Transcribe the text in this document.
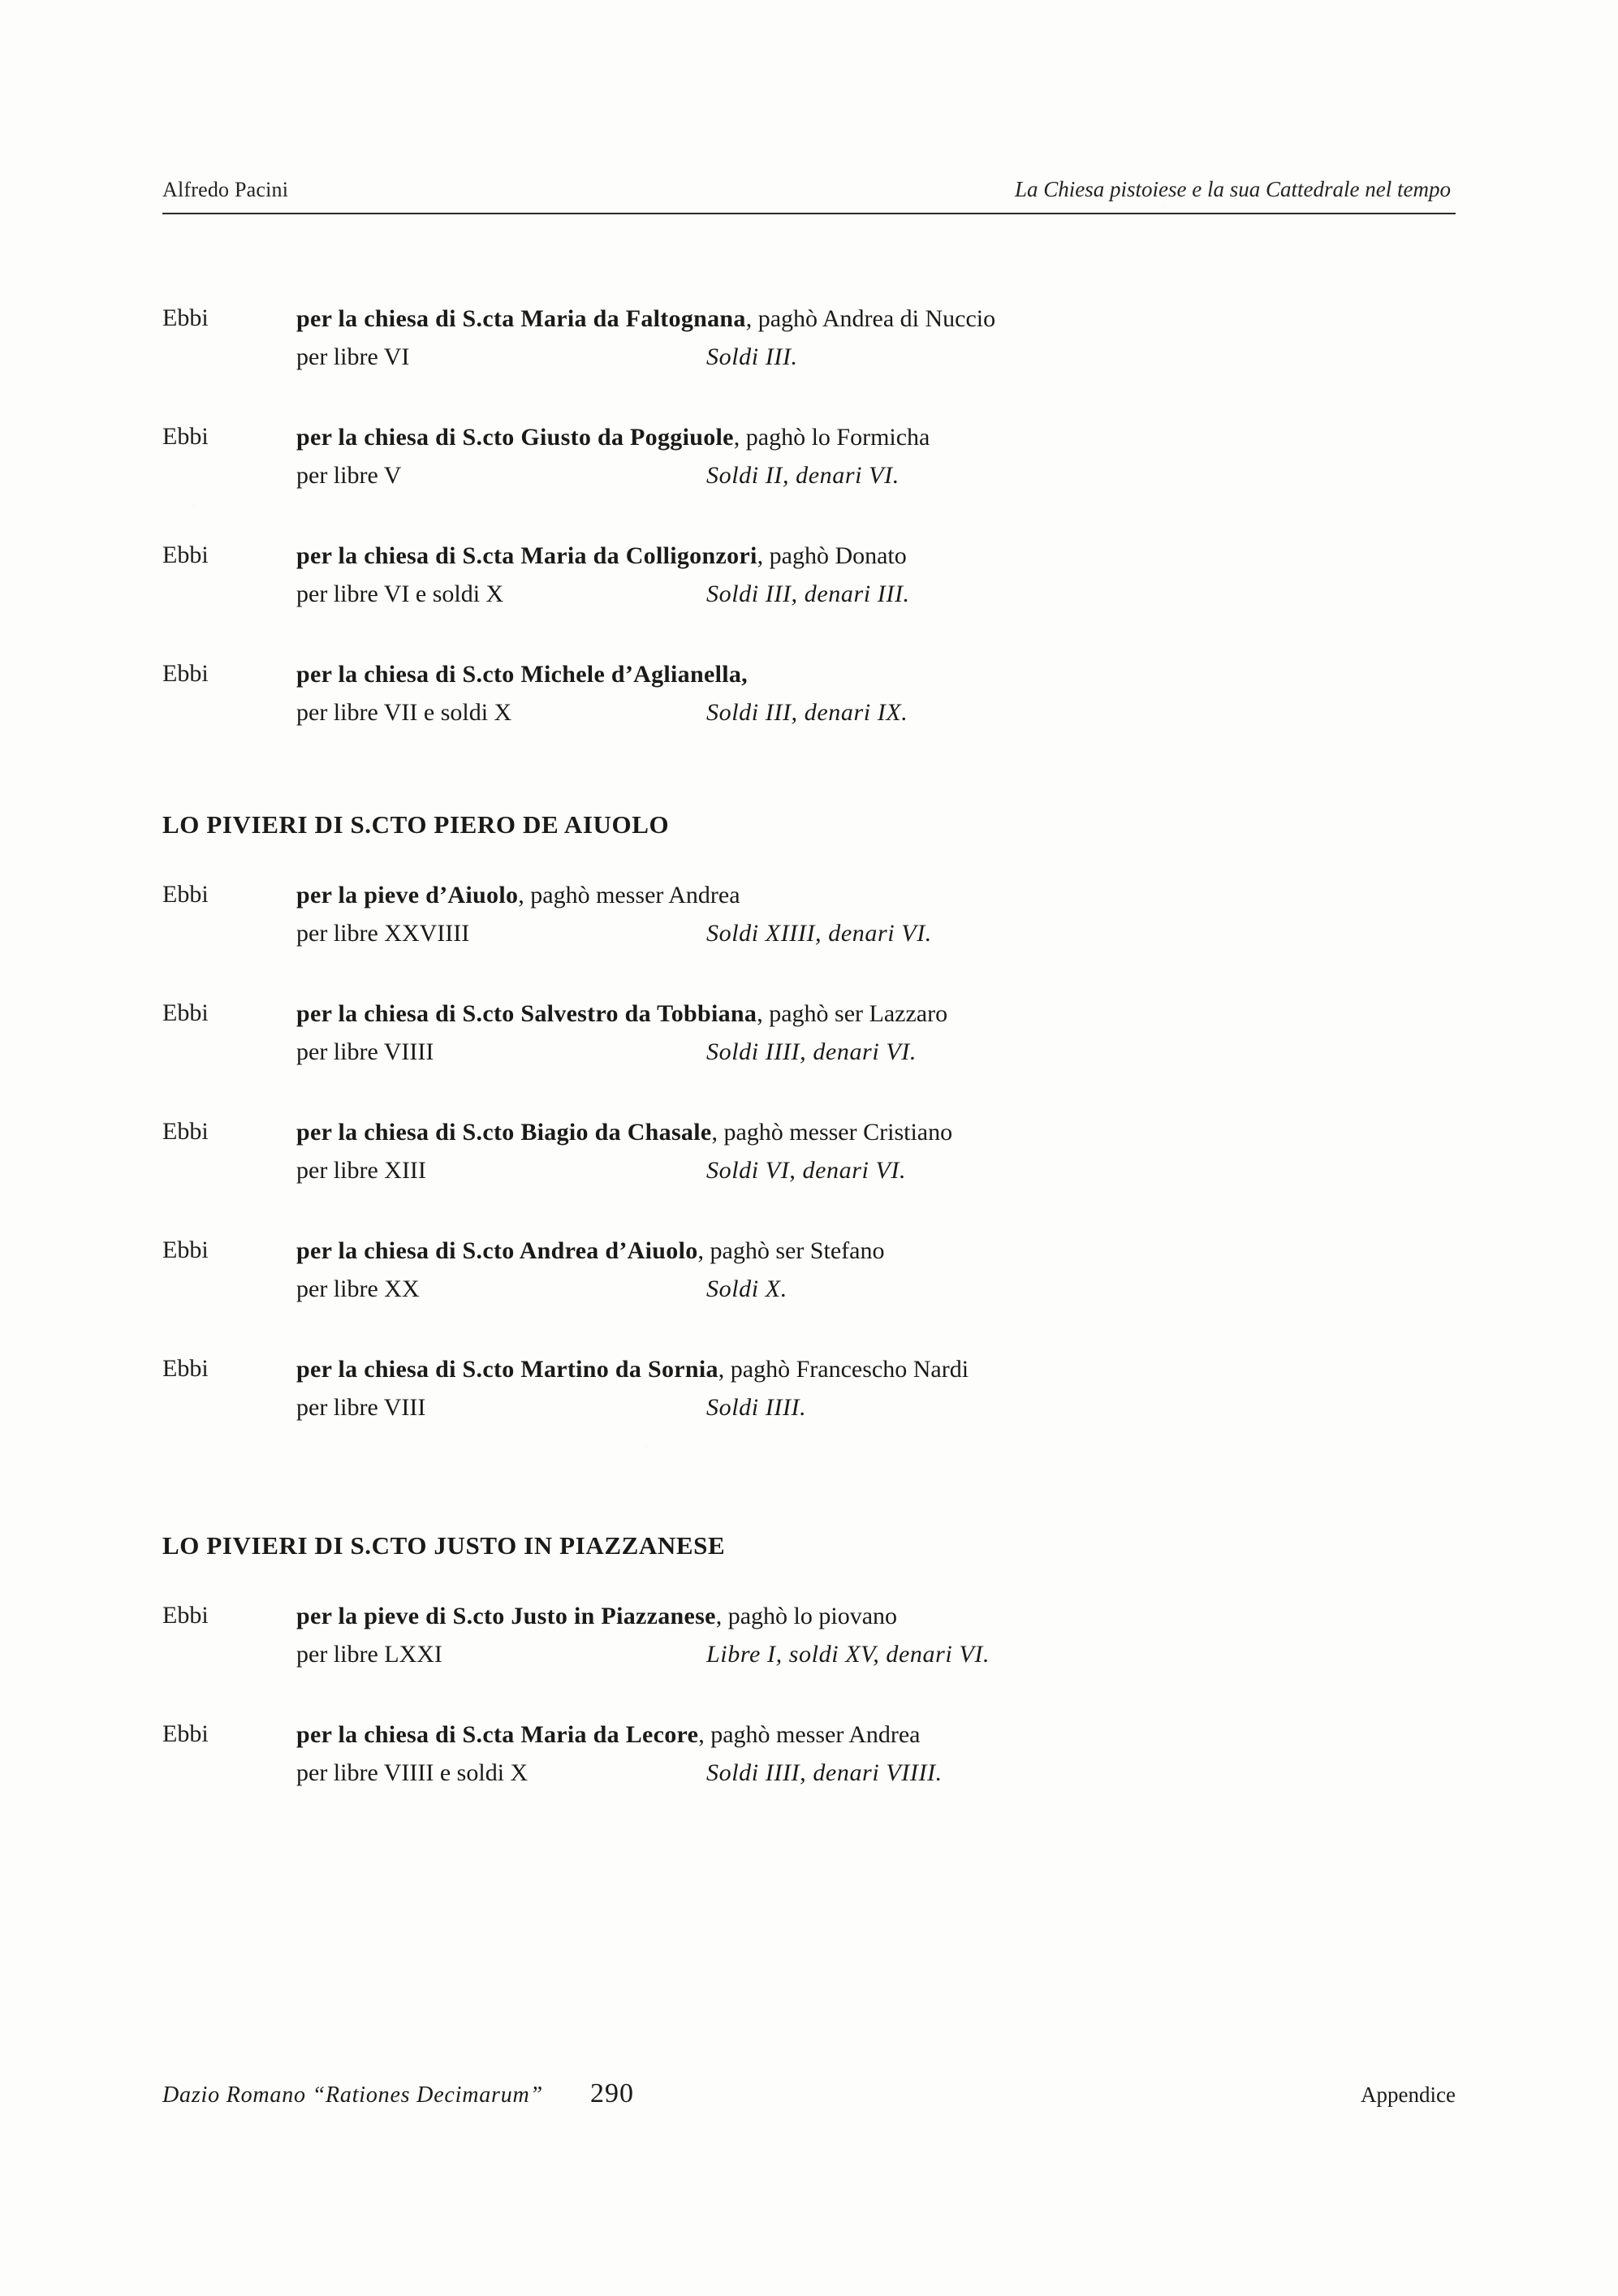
Alfredo Pacini	La Chiesa pistoiese e la sua Cattedrale nel tempo
Ebbi	per la chiesa di S.cta Maria da Faltognana, paghò Andrea di Nuccio
per libre VI	Soldi III.
Ebbi	per la chiesa di S.cto Giusto da Poggiuole, paghò lo Formicha
per libre V	Soldi II, denari VI.
Ebbi	per la chiesa di S.cta Maria da Colligonzori, paghò Donato
per libre VI e soldi X	Soldi III, denari III.
Ebbi	per la chiesa di S.cto Michele d’Aglianella,
per libre VII e soldi X	Soldi III, denari IX.
LO PIVIERI DI S.CTO PIERO DE AIUOLO
Ebbi	per la pieve d’Aiuolo, paghò messer Andrea
per libre XXVIIII	Soldi XIIII, denari VI.
Ebbi	per la chiesa di S.cto Salvestro da Tobbiana, paghò ser Lazzaro
per libre VIIII	Soldi IIII, denari VI.
Ebbi	per la chiesa di S.cto Biagio da Chasale, paghò messer Cristiano
per libre XIII	Soldi VI, denari VI.
Ebbi	per la chiesa di S.cto Andrea d’Aiuolo, paghò ser Stefano
per libre XX	Soldi X.
Ebbi	per la chiesa di S.cto Martino da Sornia, paghò Francescho Nardi
per libre VIII	Soldi IIII.
LO PIVIERI DI S.CTO JUSTO IN PIAZZANESE
Ebbi	per la pieve di S.cto Justo in Piazzanese, paghò lo piovano
per libre LXXI	Libre I, soldi XV, denari VI.
Ebbi	per la chiesa di S.cta Maria da Lecore, paghò messer Andrea
per libre VIIII e soldi X	Soldi IIII, denari VIIII.
Dazio Romano “Rationes Decimarum” 290	Appendice
